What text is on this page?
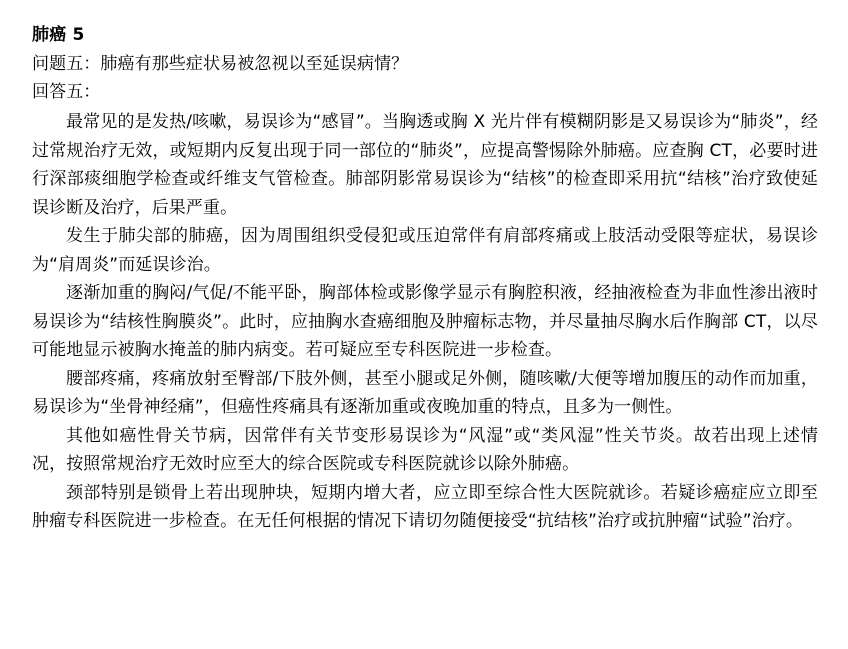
肺癌 5

问题五：肺癌有那些症状易被忽视以至延误病情？

回答五：

最常见的是发热/咳嗽，易误诊为“感冒”。当胸透或胸 X 光片伴有模糊阴影是又易误诊为“肺炎”，经过常规治疗无效，或短期内反复出现于同一部位的“肺炎”，应提高警惕除外肺癌。应查胸 CT，必要时进行深部痰细胞学检查或纤维支气管检查。肺部阴影常易误诊为“结核”的检查即采用抗“结核”治疗致使延误诊断及治疗，后果严重。

发生于肺尖部的肺癌，因为周围组织受侵犯或压迫常伴有肩部疼痛或上肢活动受限等症状，易误诊为“肩周炎”而延误诊治。

逐渐加重的胸闷/气促/不能平卧，胸部体检或影像学显示有胸腔积液，经抽液检查为非血性渗出液时易误诊为“结核性胸膜炎”。此时，应抽胸水查癌细胞及肿瘤标志物，并尽量抽尽胸水后作胸部 CT，以尽可能地显示被胸水掩盖的肺内病变。若可疑应至专科医院进一步检查。

腰部疼痛，疼痛放射至臀部/下肢外侧，甚至小腿或足外侧，随咳嗽/大便等增加腹压的动作而加重，易误诊为“坐骨神经痛”，但癌性疼痛具有逐渐加重或夜晚加重的特点，且多为一侧性。

其他如癌性骨关节病，因常伴有关节变形易误诊为“风湿”或“类风湿”性关节炎。故若出现上述情况，按照常规治疗无效时应至大的综合医院或专科医院就诊以除外肺癌。

颈部特别是锁骨上若出现肿块，短期内增大者，应立即至综合性大医院就诊。若疑诊癌症应立即至肿瘤专科医院进一步检查。在无任何根据的情况下请切勿随便接受“抗结核”治疗或抗肿瘤“试验”治疗。
